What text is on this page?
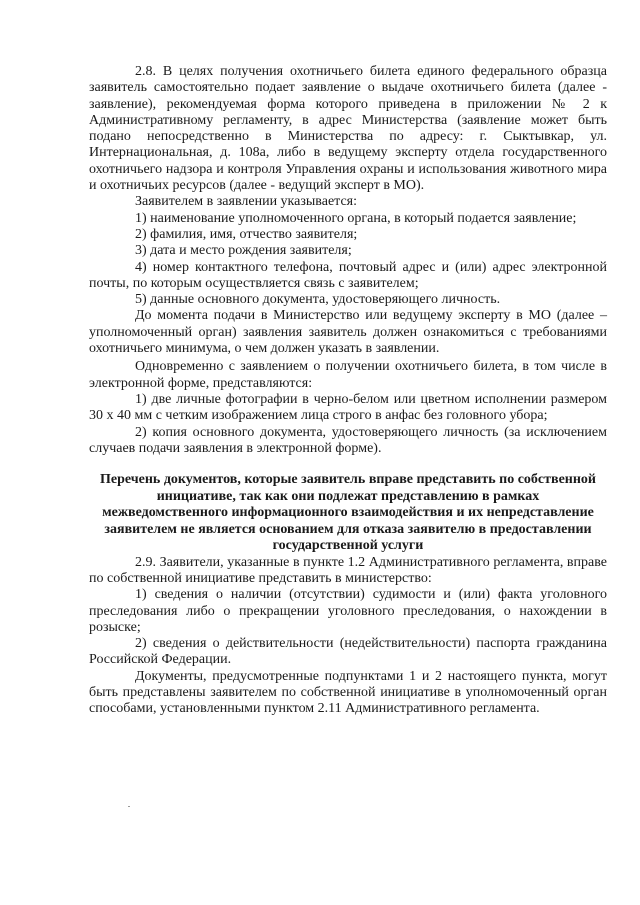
2.8. В целях получения охотничьего билета единого федерального образца заявитель самостоятельно подает заявление о выдаче охотничьего билета (далее - заявление), рекомендуемая форма которого приведена в приложении № 2 к Административному регламенту, в адрес Министерства (заявление может быть подано непосредственно в Министерства по адресу: г. Сыктывкар, ул. Интернациональная, д. 108а, либо в ведущему эксперту отдела государственного охотничьего надзора и контроля Управления охраны и использования животного мира и охотничьих ресурсов (далее - ведущий эксперт в МО).

Заявителем в заявлении указывается:

1) наименование уполномоченного органа, в который подается заявление;

2) фамилия, имя, отчество заявителя;

3) дата и место рождения заявителя;

4) номер контактного телефона, почтовый адрес и (или) адрес электронной почты, по которым осуществляется связь с заявителем;

5) данные основного документа, удостоверяющего личность.

До момента подачи в Министерство или ведущему эксперту в МО (далее – уполномоченный орган) заявления заявитель должен ознакомиться с требованиями охотничьего минимума, о чем должен указать в заявлении.

Одновременно с заявлением о получении охотничьего билета, в том числе в электронной форме, представляются:

1) две личные фотографии в черно-белом или цветном исполнении размером 30 х 40 мм с четким изображением лица строго в анфас без головного убора;

2) копия основного документа, удостоверяющего личность (за исключением случаев подачи заявления в электронной форме).

Перечень документов, которые заявитель вправе представить по собственной инициативе, так как они подлежат представлению в рамках межведомственного информационного взаимодействия и их непредставление заявителем не является основанием для отказа заявителю в предоставлении государственной услуги

2.9. Заявители, указанные в пункте 1.2 Административного регламента, вправе по собственной инициативе представить в министерство:

1) сведения о наличии (отсутствии) судимости и (или) факта уголовного преследования либо о прекращении уголовного преследования, о нахождении в розыске;

2) сведения о действительности (недействительности) паспорта гражданина Российской Федерации.

Документы, предусмотренные подпунктами 1 и 2 настоящего пункта, могут быть представлены заявителем по собственной инициативе в уполномоченный орган способами, установленными пунктом 2.11 Административного регламента.
